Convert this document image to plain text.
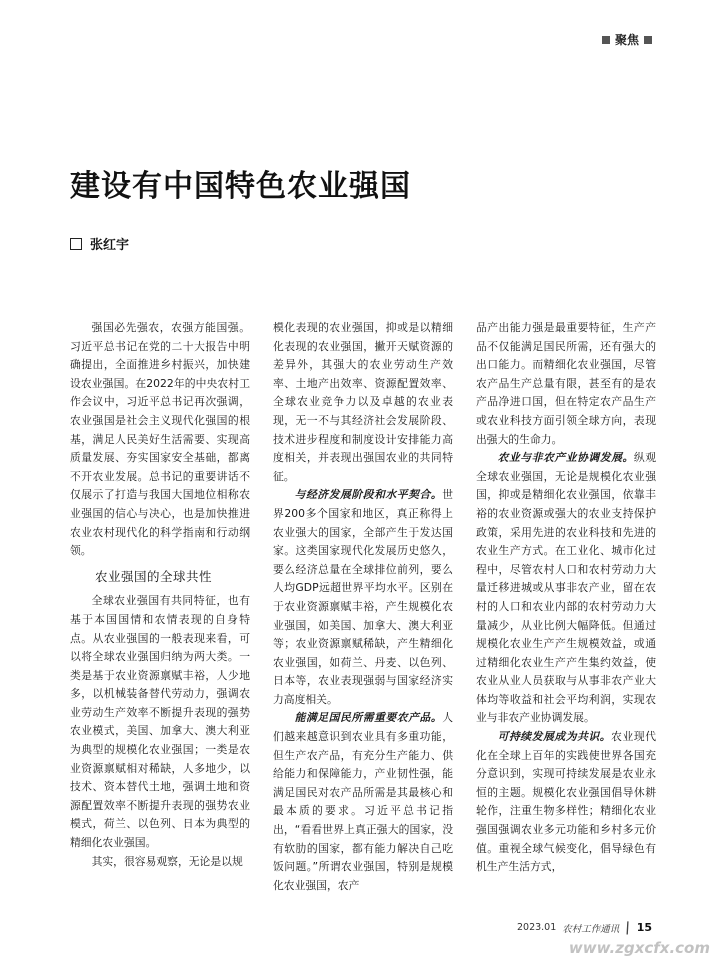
聚焦
建设有中国特色农业强国
张红宇

强国必先强农，农强方能国强。习近平总书记在党的二十大报告中明确提出，全面推进乡村振兴，加快建设农业强国。在2022年的中央农村工作会议中，习近平总书记再次强调，农业强国是社会主义现代化强国的根基，满足人民美好生活需要、实现高质量发展、夯实国家安全基础，都离不开农业发展。总书记的重要讲话不仅展示了打造与我国大国地位相称农业强国的信心与决心，也是加快推进农业农村现代化的科学指南和行动纲领。

农业强国的全球共性

全球农业强国有共同特征，也有基于本国国情和农情表现的自身特点。从农业强国的一般表现来看，可以将全球农业强国归纳为两大类。一类是基于农业资源禀赋丰裕，人少地多，以机械装备替代劳动力，强调农业劳动生产效率不断提升表现的强势农业模式，美国、加拿大、澳大利亚为典型的规模化农业强国；一类是农业资源禀赋相对稀缺，人多地少，以技术、资本替代土地，强调土地和资源配置效率不断提升表现的强势农业模式，荷兰、以色列、日本为典型的精细化农业强国。

其实，很容易观察，无论是以规

模化表现的农业强国，抑或是以精细化表现的农业强国，撇开天赋资源的差异外，其强大的农业劳动生产效率、土地产出效率、资源配置效率、全球农业竞争力以及卓越的农业表现，无一不与其经济社会发展阶段、技术进步程度和制度设计安排能力高度相关，并表现出强国农业的共同特征。

与经济发展阶段和水平契合。世界200多个国家和地区，真正称得上农业强大的国家，全部产生于发达国家。这类国家现代化发展历史悠久，要么经济总量在全球排位前列，要么人均GDP远超世界平均水平。区别在于农业资源禀赋丰裕，产生规模化农业强国，如美国、加拿大、澳大利亚等；农业资源禀赋稀缺，产生精细化农业强国，如荷兰、丹麦、以色列、日本等，农业表现强弱与国家经济实力高度相关。

能满足国民所需重要农产品。人们越来越意识到农业具有多重功能，但生产农产品，有充分生产能力、供给能力和保障能力，产业韧性强，能满足国民对农产品所需是其最核心和最本质的要求。习近平总书记指出，“看看世界上真正强大的国家，没有软肋的国家，都有能力解决自己吃饭问题。”所谓农业强国，特别是规模化农业强国，农产

品产出能力强是最重要特征，生产产品不仅能满足国民所需，还有强大的出口能力。而精细化农业强国，尽管农产品生产总量有限，甚至有的是农产品净进口国，但在特定农产品生产或农业科技方面引领全球方向，表现出强大的生命力。

农业与非农产业协调发展。纵观全球农业强国，无论是规模化农业强国，抑或是精细化农业强国，依靠丰裕的农业资源或强大的农业支持保护政策，采用先进的农业科技和先进的农业生产方式。在工业化、城市化过程中，尽管农村人口和农村劳动力大量迁移进城或从事非农产业，留在农村的人口和农业内部的农村劳动力大量减少，从业比例大幅降低。但通过规模化农业生产产生规模效益，或通过精细化农业生产产生集约效益，使农业从业人员获取与从事非农产业大体均等收益和社会平均利润，实现农业与非农产业协调发展。

可持续发展成为共识。农业现代化在全球上百年的实践使世界各国充分意识到，实现可持续发展是农业永恒的主题。规模化农业强国倡导休耕轮作，注重生物多样性；精细化农业强国强调农业多元功能和乡村多元价值。重视全球气候变化，倡导绿色有机生产生活方式，

2023.01 农村工作通讯 \ 15
www.zgxcfx.com
